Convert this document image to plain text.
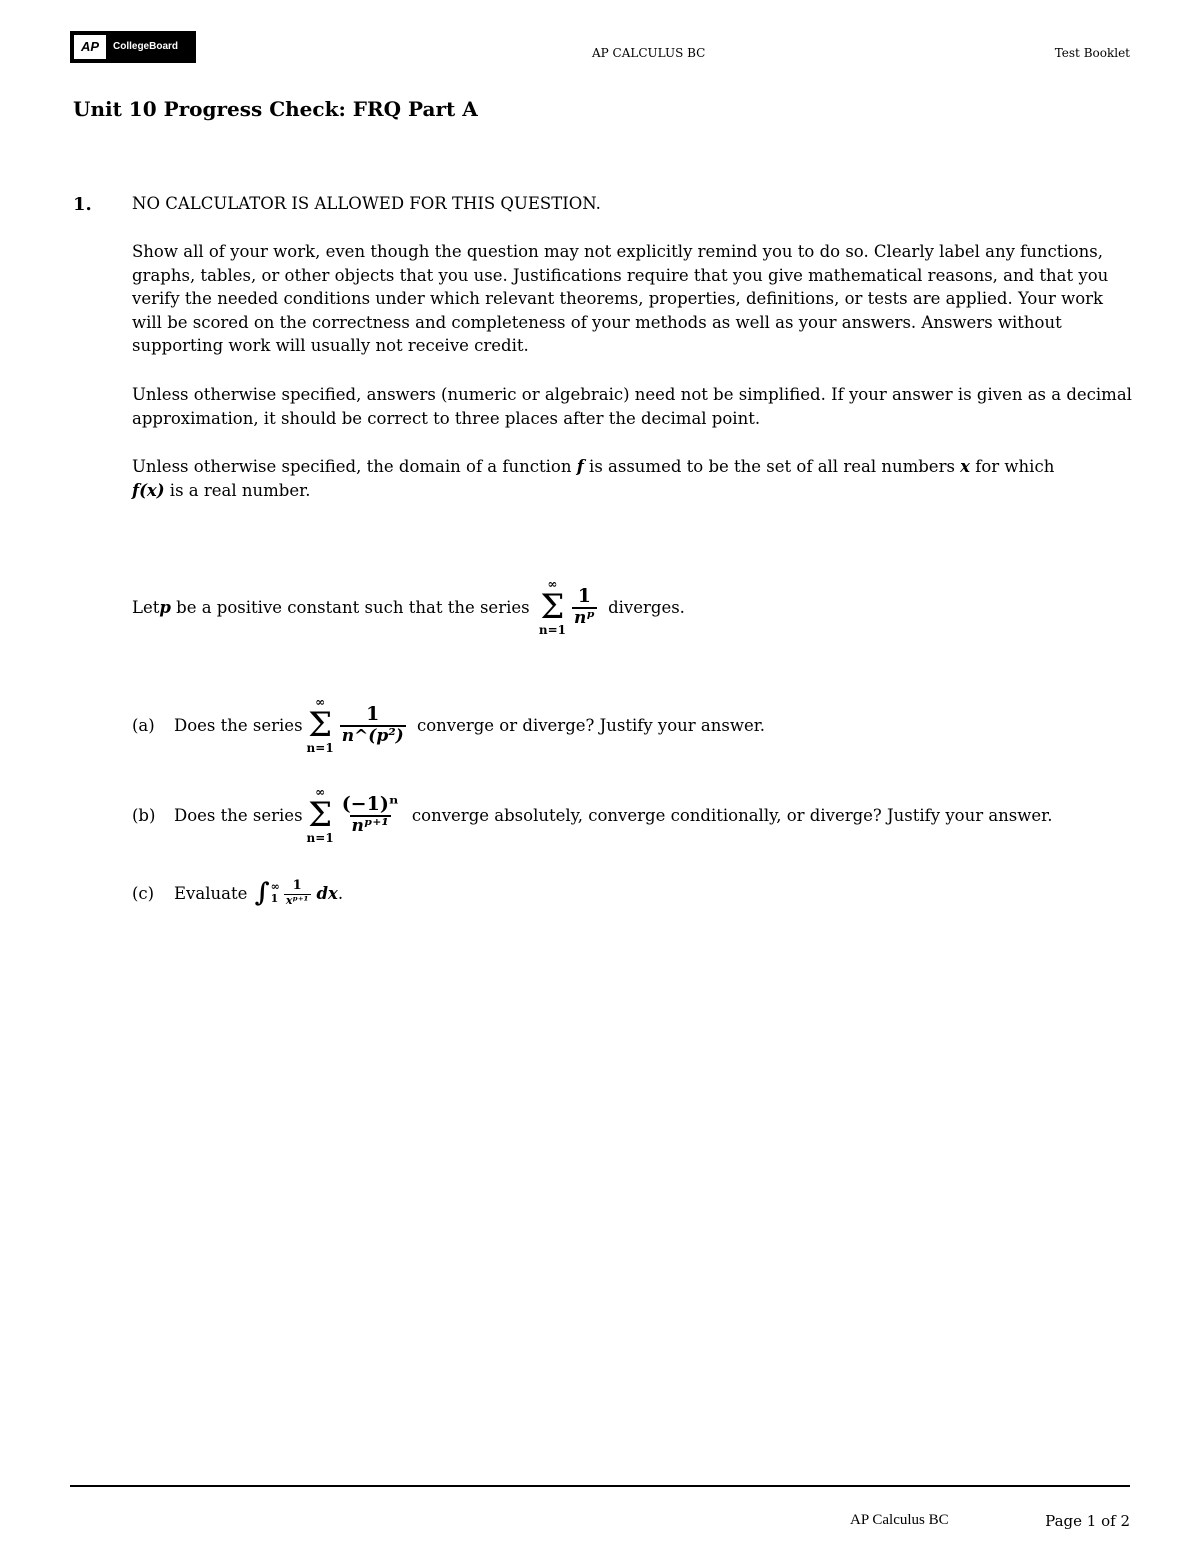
AP	CollegeBoard	AP CALCULUS BC	Test Booklet
Unit 10 Progress Check: FRQ Part A
1. NO CALCULATOR IS ALLOWED FOR THIS QUESTION.
Show all of your work, even though the question may not explicitly remind you to do so. Clearly label any functions, graphs, tables, or other objects that you use. Justifications require that you give mathematical reasons, and that you verify the needed conditions under which relevant theorems, properties, definitions, or tests are applied. Your work will be scored on the correctness and completeness of your methods as well as your answers. Answers without supporting work will usually not receive credit.
Unless otherwise specified, answers (numeric or algebraic) need not be simplified. If your answer is given as a decimal approximation, it should be correct to three places after the decimal point.
Unless otherwise specified, the domain of a function f is assumed to be the set of all real numbers x for which
f(x) is a real number.
Let p be a positive constant such that the series
∞
Σ
n=1
$\frac{1}{\text{nᵖ}}$ diverges.
(a)	Does the series
∞
Σ
n=1
$\frac{1}{\text{n\textasciicircum{}(p²)}}$ converge or diverge? Justify your answer.
(b)	Does the series
∞
Σ
n=1
$\frac{\text{(−1)ⁿ}}{\text{nᵖ⁺¹}}$ converge absolutely, converge conditionally, or diverge? Justify your answer.
(c)	Evaluate ∫ ∞
$1 \frac{1}{\text{xᵖ⁺¹}}$ dx .
AP Calculus BC	Page 1 of 2
